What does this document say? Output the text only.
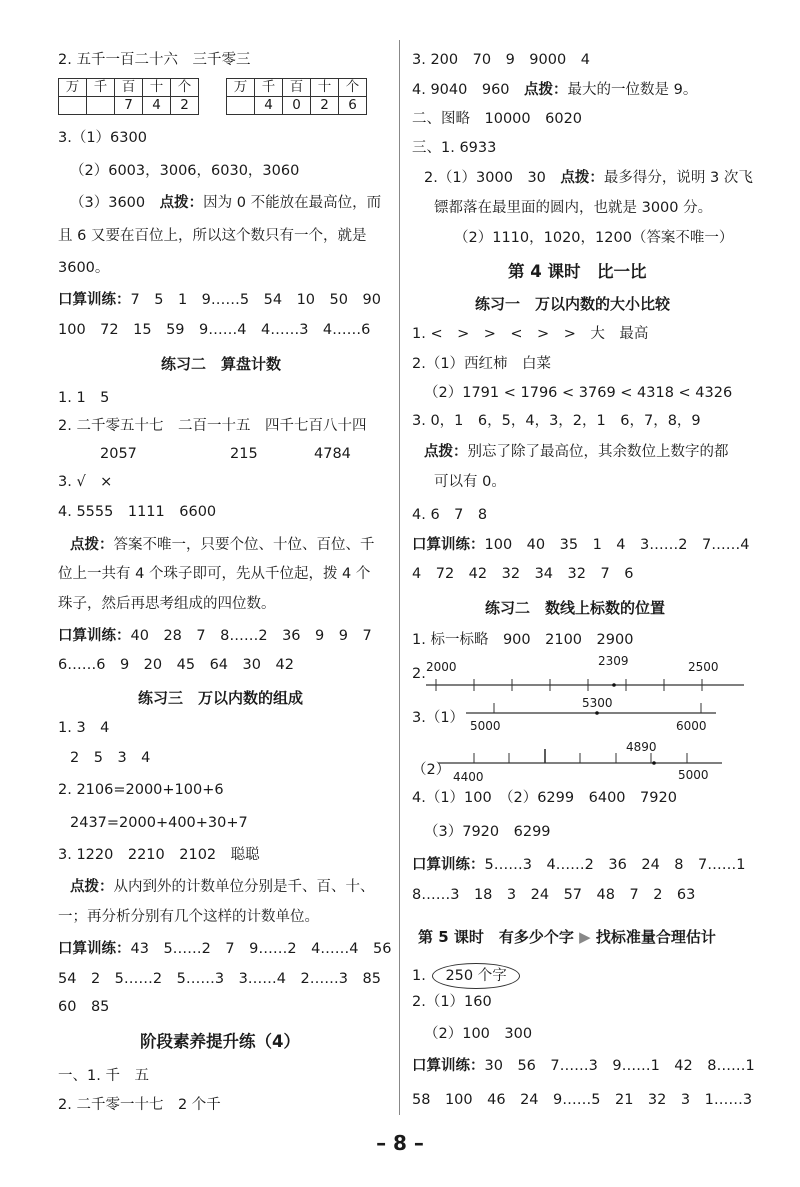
2. 五千一百二十六　三千零三
万	千	百	十	个
		7	4	2
万	千	百	十	个
	4	0	2	6
3.（1）6300
（2）6003，3006，6030，3060
（3）3600　 点拨：因为 0 不能放在最高位，而
且 6 又要在百位上，所以这个数只有一个，就是
3600。
口算训练：7　5　1　9……5　54　10　50　90
100　72　15　59　9……4　4……3　4……6
练习二　算盘计数
1. 1　5
2. 二千零五十七　二百一十五　四千七百八十四
2057	215	4784
3. √　×
4. 5555　1111　6600
点拨：答案不唯一，只要个位、十位、百位、千
位上一共有 4 个珠子即可，先从千位起，拨 4 个
珠子，然后再思考组成的四位数。
口算训练：40　28　7　8……2　36　9　9　7
6……6　9　20　45　64　30　42
练习三　万以内数的组成
1. 3　4
2　5　3　4
2. 2106=2000+100+6
2437=2000+400+30+7
3. 1220　2210　2102　聪聪
点拨：从内到外的计数单位分别是千、百、十、
一；再分析分别有几个这样的计数单位。
口算训练：43　5……2　7　9……2　4……4　56
54　2　5……2　5……3　3……4　2……3　85
60　85
阶段素养提升练（4）
一、1. 千　五
2. 二千零一十七　2 个千
3. 200　70　9　9000　4
4. 9040　960　 点拨：最大的一位数是 9。
二、图略　10000　6020
三、1. 6933
2.（1）3000　30　 点拨：最多得分，说明 3 次飞
镖都落在最里面的圆内，也就是 3000 分。
（2）1110，1020，1200（答案不唯一）
第 4 课时　比一比
练习一　万以内数的大小比较
1. <　>　>　<　>　>　大　最高
2.（1）西红柿　白菜
（2）1791 < 1796 < 3769 < 4318 < 4326
3. 0，1　6，5，4，3，2，1　6，7，8，9
点拨：别忘了除了最高位，其余数位上数字的都
可以有 0。
4. 6　7　8
口算训练：100　40　35　1　4　3……2　7……4
4　72　42　32　34　32　7　6
练习二　数线上标数的位置
1. 标一标略　900　2100　2900
2. 2000	2309	2500
3.（1）
5300
5000	6000
（2）
4890
4400	5000
4.（1）100　（2）6299　6400　7920
（3）7920　6299
口算训练：5……3　4……2　36　24　8　7……1
8……3　18　3　24　57　48　7　2　63
第 5 课时　有多少个字 ▶ 找标准量合理估计
1. 250 个字
2.（1）160
（2）100　300
口算训练：30　56　7……3　9……1　42　8……1
58　100　46　24　9……5　21　32　3　1……3
– 8 –
